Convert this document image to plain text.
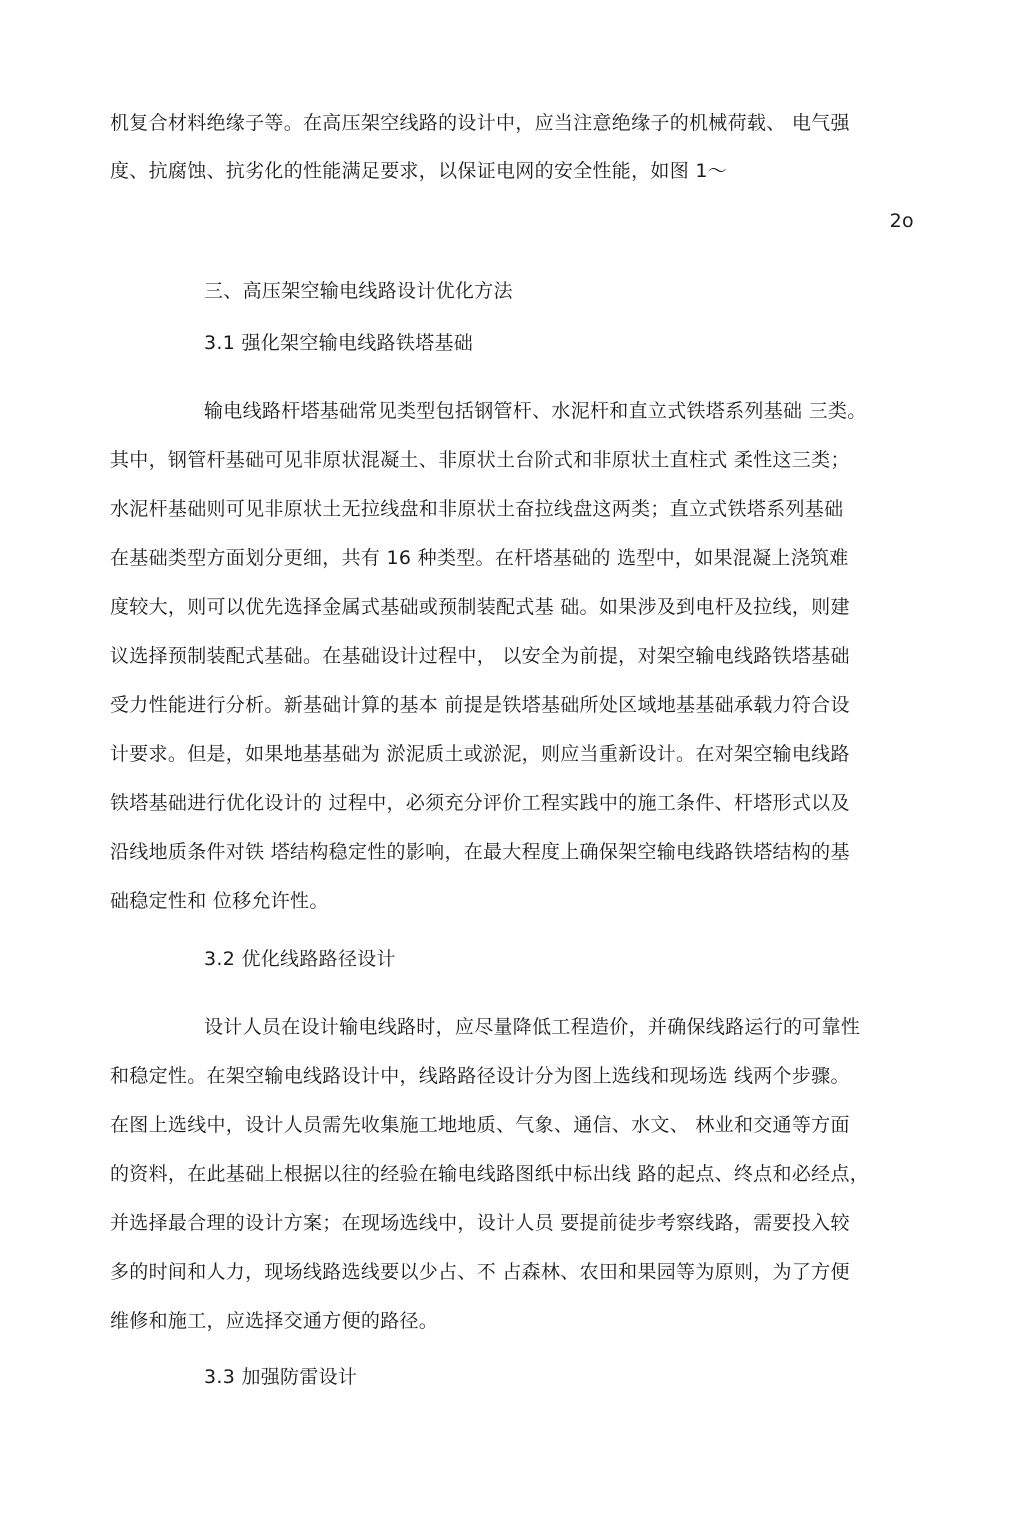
机复合材料绝缘子等。在高压架空线路的设计中，应当注意绝缘子的机械荷载、 电气强
度、抗腐蚀、抗劣化的性能满足要求，以保证电网的安全性能，如图 1～
2o
三、高压架空输电线路设计优化方法
3.1 强化架空输电线路铁塔基础
输电线路杆塔基础常见类型包括钢管杆、水泥杆和直立式铁塔系列基础 三类。
其中，钢管杆基础可见非原状混凝土、非原状土台阶式和非原状土直柱式 柔性这三类；
水泥杆基础则可见非原状土无拉线盘和非原状土奋拉线盘这两类；直立式铁塔系列基础
在基础类型方面划分更细，共有 16 种类型。在杆塔基础的 选型中，如果混凝上浇筑难
度较大，则可以优先选择金属式基础或预制装配式基 础。如果涉及到电杆及拉线，则建
议选择预制装配式基础。在基础设计过程中， 以安全为前提，对架空输电线路铁塔基础
受力性能进行分析。新基础计算的基本 前提是铁塔基础所处区域地基基础承载力符合设
计要求。但是，如果地基基础为 淤泥质土或淤泥，则应当重新设计。在对架空输电线路
铁塔基础进行优化设计的 过程中，必须充分评价工程实践中的施工条件、杆塔形式以及
沿线地质条件对铁 塔结构稳定性的影响，在最大程度上确保架空输电线路铁塔结构的基
础稳定性和 位移允许性。
3.2 优化线路路径设计
设计人员在设计输电线路时，应尽量降低工程造价，并确保线路运行的可靠性
和稳定性。在架空输电线路设计中，线路路径设计分为图上选线和现场选 线两个步骤。
在图上选线中，设计人员需先收集施工地地质、气象、通信、水文、 林业和交通等方面
的资料，在此基础上根据以往的经验在输电线路图纸中标出线 路的起点、终点和必经点，
并选择最合理的设计方案；在现场选线中，设计人员 要提前徒步考察线路，需要投入较
多的时间和人力，现场线路选线要以少占、不 占森林、农田和果园等为原则，为了方便
维修和施工，应选择交通方便的路径。
3.3 加强防雷设计
